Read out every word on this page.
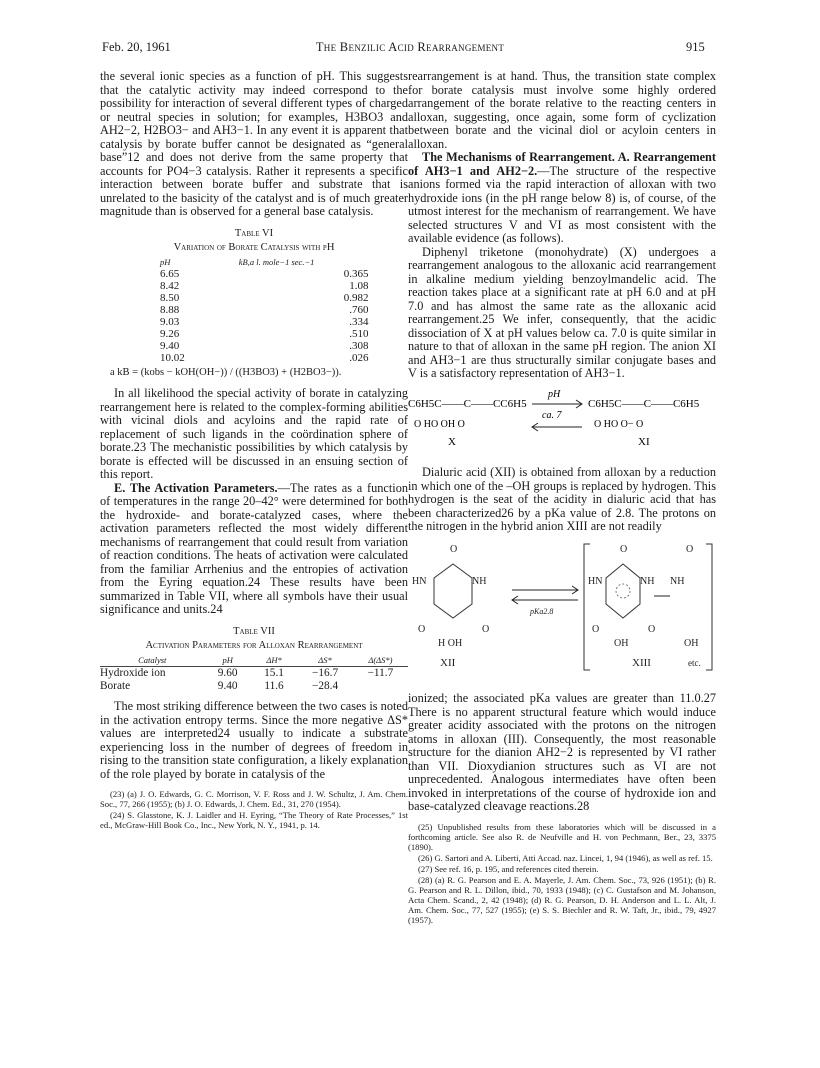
Feb. 20, 1961	The Benzilic Acid Rearrangement	915

the several ionic species as a function of pH. This suggests that the catalytic activity may indeed correspond to the possibility for interaction of several different types of charged or neutral species in solution; for examples, H3BO3 and AH2−2, H2BO3− and AH3−1. In any event it is apparent that catalysis by borate buffer cannot be designated as “general base”12 and does not derive from the same property that accounts for PO4−3 catalysis. Rather it represents a specific interaction between borate buffer and substrate that is unrelated to the basicity of the catalyst and is of much greater magnitude than is observed for a general base catalysis.

Table VI
Variation of Borate Catalysis with pH
pH	kB,a l. mole−1 sec.−1
6.65	0.365
8.42	1.08
8.50	0.982
8.88	.760
9.03	.334
9.26	.510
9.40	.308
10.02	.026
a kB = (kobs − kOH(OH−)) / ((H3BO3) + (H2BO3−)).

In all likelihood the special activity of borate in catalyzing rearrangement here is related to the complex-forming abilities with vicinal diols and acyloins and the rapid rate of replacement of such ligands in the coördination sphere of borate.23 The mechanistic possibilities by which catalysis by borate is effected will be discussed in an ensuing section of this report.

E. The Activation Parameters.—The rates as a function of temperatures in the range 20–42° were determined for both the hydroxide- and borate-catalyzed cases, where the activation parameters reflected the most widely different mechanisms of rearrangement that could result from variation of reaction conditions. The heats of activation were calculated from the familiar Arrhenius and the entropies of activation from the Eyring equation.24 These results have been summarized in Table VII, where all symbols have their usual significance and units.24

Table VII
Activation Parameters for Alloxan Rearrangement
Catalyst	pH	ΔH*	ΔS*	Δ(ΔS*)
Hydroxide ion	9.60	15.1	−16.7	−11.7
Borate	9.40	11.6	−28.4	

The most striking difference between the two cases is noted in the activation entropy terms. Since the more negative ΔS* values are interpreted24 usually to indicate a substrate experiencing loss in the number of degrees of freedom in rising to the transition state configuration, a likely explanation of the role played by borate in catalysis of the

(23) (a) J. O. Edwards, G. C. Morrison, V. F. Ross and J. W. Schultz, J. Am. Chem. Soc., 77, 266 (1955); (b) J. O. Edwards, J. Chem. Ed., 31, 270 (1954).

(24) S. Glasstone, K. J. Laidler and H. Eyring, “The Theory of Rate Processes,” 1st ed., McGraw-Hill Book Co., Inc., New York, N. Y., 1941, p. 14.

rearrangement is at hand. Thus, the transition state complex for borate catalysis must involve some highly ordered arrangement of the borate relative to the reacting centers in alloxan, suggesting, once again, some form of cyclization between borate and the vicinal diol or acyloin centers in alloxan.

The Mechanisms of Rearrangement. A. Rearrangement of AH3−1 and AH2−2.—The structure of the respective anions formed via the rapid interaction of alloxan with two hydroxide ions (in the pH range below 8) is, of course, of the utmost interest for the mechanism of rearrangement. We have selected structures V and VI as most consistent with the available evidence (as follows).

Diphenyl triketone (monohydrate) (X) undergoes a rearrangement analogous to the alloxanic acid rearrangement in alkaline medium yielding benzoylmandelic acid. The reaction takes place at a significant rate at pH 6.0 and at pH 7.0 and has almost the same rate as the alloxanic acid rearrangement.25 We infer, consequently, that the acidic dissociation of X at pH values below ca. 7.0 is quite similar in nature to that of alloxan in the same pH region. The anion XI and AH3−1 are thus structurally similar conjugate bases and V is a satisfactory representation of AH3−1.

C6H5C——C——CC6H5
O HO OH O
X
pH
ca. 7
C6H5C——C——C6H5
O HO O− O
XI

Dialuric acid (XII) is obtained from alloxan by a reduction in which one of the –OH groups is replaced by hydrogen. This hydrogen is the seat of the acidity in dialuric acid that has been characterized26 by a pKa value of 2.8. The protons on the nitrogen in the hybrid anion XIII are not readily

O
HN	NH
O	O
H OH
XII
pKa2.8
O
HN	NH
O	O
OH
O
NH
OH
etc.
XIII

ionized; the associated pKa values are greater than 11.0.27 There is no apparent structural feature which would induce greater acidity associated with the protons on the nitrogen atoms in alloxan (III). Consequently, the most reasonable structure for the dianion AH2−2 is represented by VI rather than VII. Dioxydianion structures such as VI are not unprecedented. Analogous intermediates have often been invoked in interpretations of the course of hydroxide ion and base-catalyzed cleavage reactions.28

(25) Unpublished results from these laboratories which will be discussed in a forthcoming article. See also R. de Neufville and H. von Pechmann, Ber., 23, 3375 (1890).

(26) G. Sartori and A. Liberti, Atti Accad. naz. Lincei, 1, 94 (1946), as well as ref. 15.

(27) See ref. 16, p. 195, and references cited therein.

(28) (a) R. G. Pearson and E. A. Mayerle, J. Am. Chem. Soc., 73, 926 (1951); (b) R. G. Pearson and R. L. Dillon, ibid., 70, 1933 (1948); (c) C. Gustafson and M. Johanson, Acta Chem. Scand., 2, 42 (1948); (d) R. G. Pearson, D. H. Anderson and L. L. Alt, J. Am. Chem. Soc., 77, 527 (1955); (e) S. S. Biechler and R. W. Taft, Jr., ibid., 79, 4927 (1957).
